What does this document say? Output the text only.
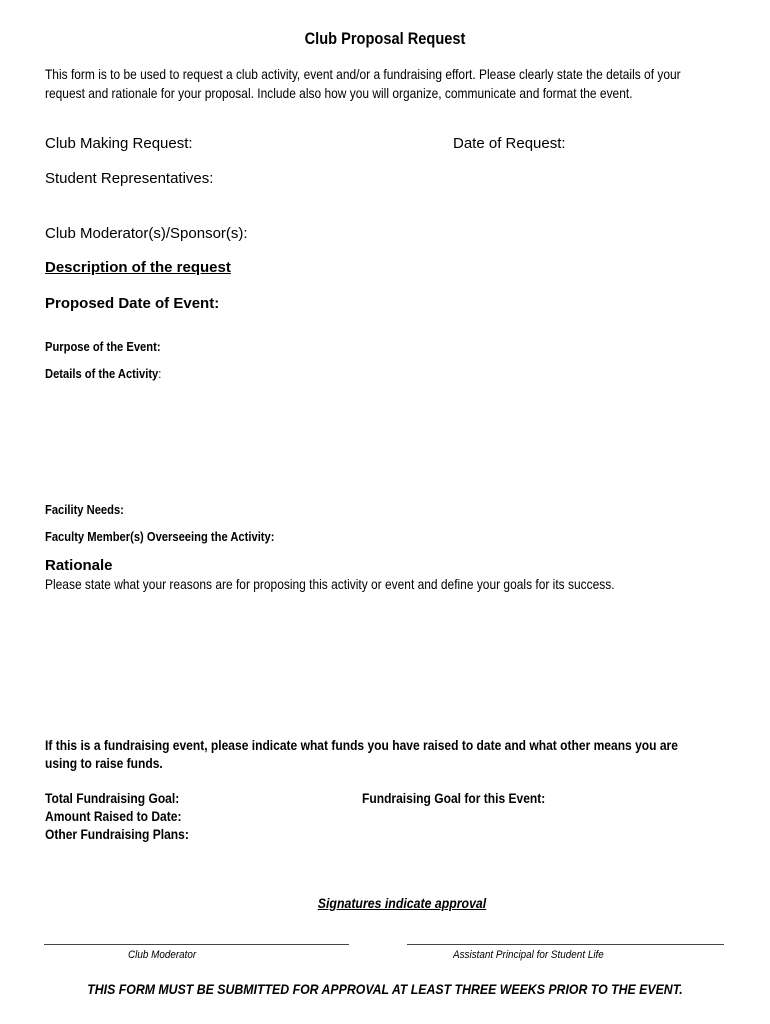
Club Proposal Request
This form is to be used to request a club activity, event and/or a fundraising effort. Please clearly state the details of your request and rationale for your proposal. Include also how you will organize, communicate and format the event.
Club Making Request:	Date of Request:
Student Representatives:
Club Moderator(s)/Sponsor(s):
Description of the request
Proposed Date of Event:
Purpose of the Event:
Details of the Activity:
Facility Needs:
Faculty Member(s) Overseeing the Activity:
Rationale
Please state what your reasons are for proposing this activity or event and define your goals for its success.
If this is a fundraising event, please indicate what funds you have raised to date and what other means you are
using to raise funds.
Total Fundraising Goal:	Fundraising Goal for this Event:
Amount Raised to Date:
Other Fundraising Plans:
Signatures indicate approval
Club Moderator	Assistant Principal for Student Life
THIS FORM MUST BE SUBMITTED FOR APPROVAL AT LEAST THREE WEEKS PRIOR TO THE EVENT.
